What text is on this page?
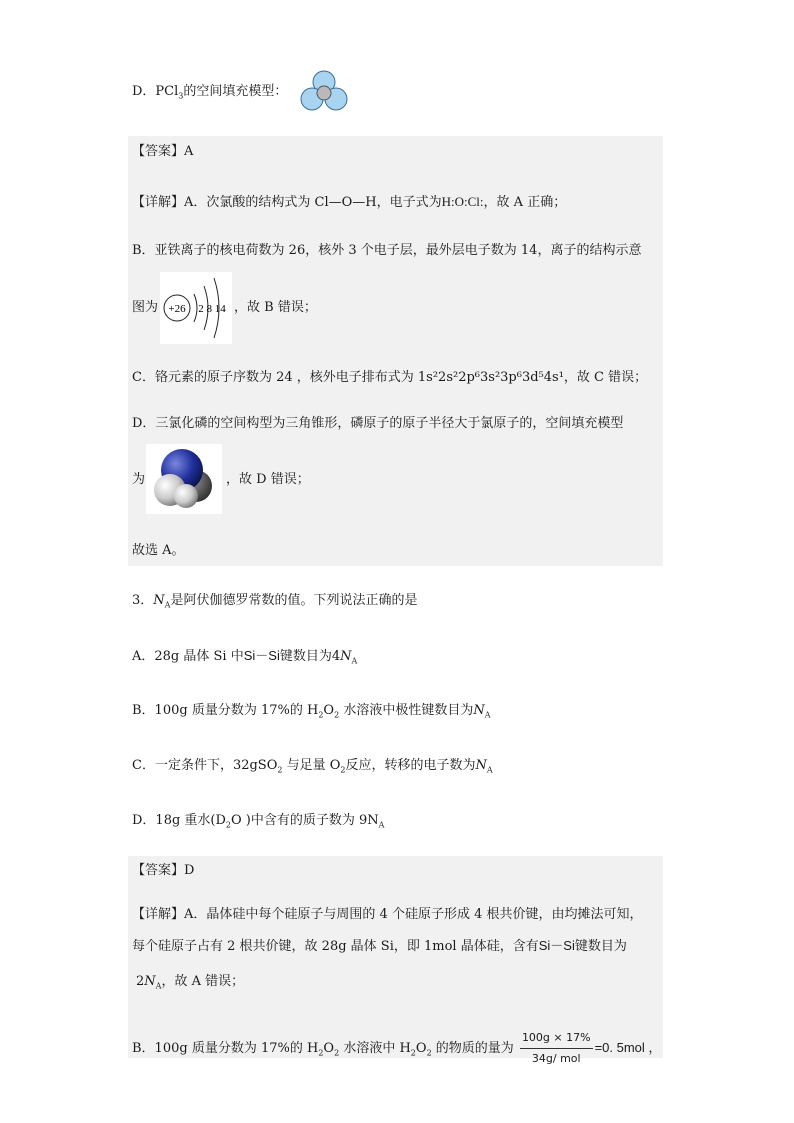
D．PCl$_3$的空间填充模型：
【答案】A
【详解】A．次氯酸的结构式为 Cl—O—H，电子式为H:O:Cl:，故 A 正确；
B．亚铁离子的核电荷数为 26，核外 3 个电子层，最外层电子数为 14，离子的结构示意
图为 +26 2 8 14 ，故 B 错误；
C．铬元素的原子序数为 24 ，核外电子排布式为 1s²2s²2p⁶3s²3p⁶3d⁵4s¹，故 C 错误；
D．三氯化磷的空间构型为三角锥形，磷原子的原子半径大于氯原子的，空间填充模型
为	，故 D 错误；
故选 A。
3．$N_A$是阿伏伽德罗常数的值。下列说法正确的是
A．28g 晶体 Si 中Si－Si键数目为$4N_A$
B．100g 质量分数为 17%的 $H_2O_2$ 水溶液中极性键数目为$N_A$
C．一定条件下，32gSO$_2$ 与足量 $O_2$反应，转移的电子数为$N_A$
D．18g 重水($D_2O$ )中含有的质子数为 $9N_A$
【答案】D
【详解】A．晶体硅中每个硅原子与周围的 4 个硅原子形成 4 根共价键，由均摊法可知，
每个硅原子占有 2 根共价键，故 28g 晶体 Si，即 1mol 晶体硅，含有Si－Si键数目为
$2N_A$，故 A 错误；
B．100g 质量分数为 17%的 $H_2O_2$ 水溶液中 $H_2O_2$ 的物质的量为 $\frac{100g \times 17\%}{\text{34g/ mol}} =0$. 5mol ，
